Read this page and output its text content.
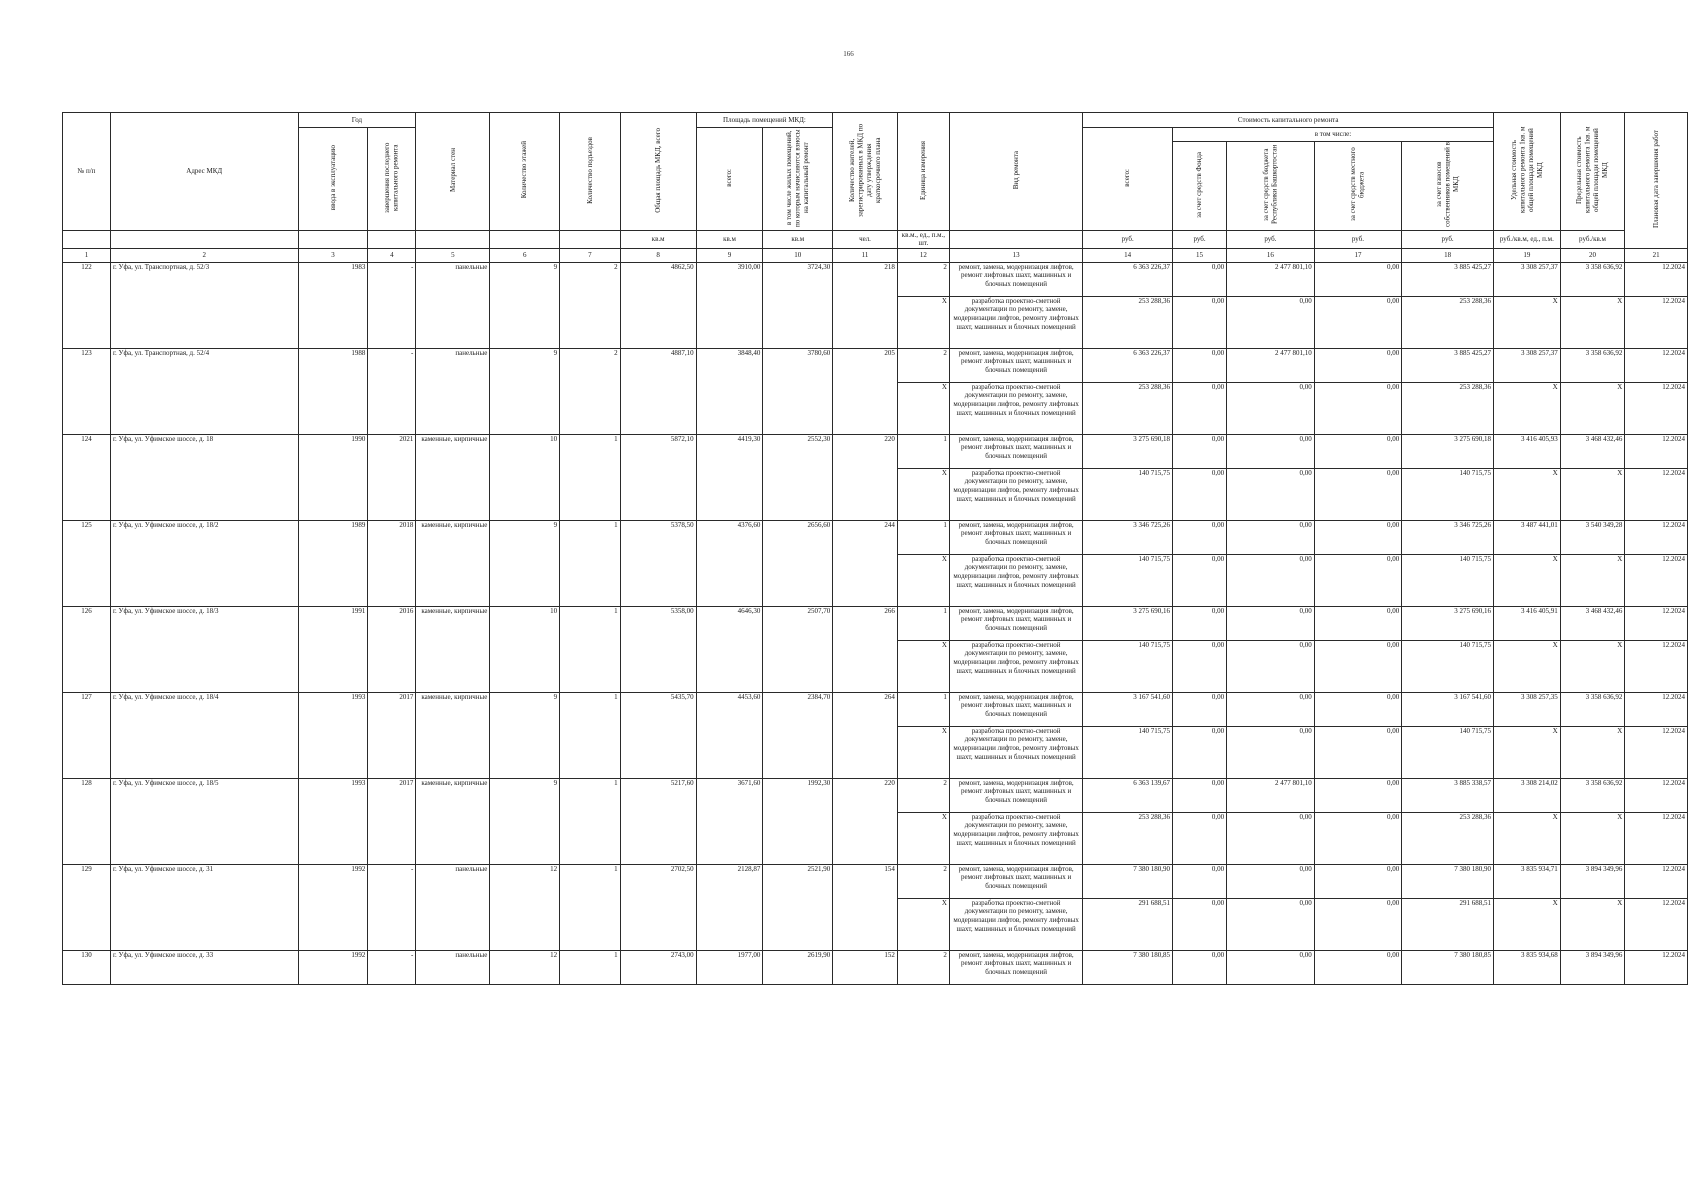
166
№ п/п	Адрес МКД	Год		Материал стен	Количество этажей	Количество подъездов	Общая площадь МКД, всего	Площадь помещений МКД:		Количество жителей, зарегистрированных в МКД по дату утверждения краткосрочного плана	Единица измерения	Вид ремонта	Стоимость капитального ремонта					Удельная стоимость капитального ремонта 1кв. м общей площади помещений МКД	Предельная стоимость капитального ремонта 1кв. м общей площади помещений МКД	Плановая дата завершения работ
		ввода в эксплуатацию	завершения последнего капитального ремонта					всего:	в том числе жилых помещений, по которым начисляются взносы на капитальный ремонт				всего:	в том числе:						
														за счет средств Фонда	за счет средств бюджета Республики Башкортостан	за счет средств местного бюджета	за счет взносов собственников помещений в МКД			
							кв.м	кв.м	кв.м	чел.	кв.м., ед., п.м., шт.		руб.	руб.	руб.	руб.	руб.	руб./кв.м, ед., п.м.	руб./кв.м	
1	2	3	4	5	6	7	8	9	10	11	12	13	14	15	16	17	18	19	20	21
122	г. Уфа, ул. Транспортная, д. 52/3	1983	-	панельные	9	2	4862,50	3910,00	3724,30	218	2	ремонт, замена, модернизация лифтов, ремонт лифтовых шахт, машинных и блочных помещений	6 363 226,37	0,00	2 477 801,10	0,00	3 885 425,27	3 308 257,37	3 358 636,92	12.2024
											X	разработка проектно-сметной документации по ремонту, замене, модернизации лифтов, ремонту лифтовых шахт, машинных и блочных помещений	253 288,36	0,00	0,00	0,00	253 288,36	X	X	12.2024
123	г. Уфа, ул. Транспортная, д. 52/4	1988	-	панельные	9	2	4887,10	3848,40	3780,60	205	2	ремонт, замена, модернизация лифтов, ремонт лифтовых шахт, машинных и блочных помещений	6 363 226,37	0,00	2 477 801,10	0,00	3 885 425,27	3 308 257,37	3 358 636,92	12.2024
											X	разработка проектно-сметной документации по ремонту, замене, модернизации лифтов, ремонту лифтовых шахт, машинных и блочных помещений	253 288,36	0,00	0,00	0,00	253 288,36	X	X	12.2024
124	г. Уфа, ул. Уфимское шоссе, д. 18	1990	2021	каменные, кирпичные	10	1	5872,10	4419,30	2552,30	220	1	ремонт, замена, модернизация лифтов, ремонт лифтовых шахт, машинных и блочных помещений	3 275 690,18	0,00	0,00	0,00	3 275 690,18	3 416 405,93	3 468 432,46	12.2024
											X	разработка проектно-сметной документации по ремонту, замене, модернизации лифтов, ремонту лифтовых шахт, машинных и блочных помещений	140 715,75	0,00	0,00	0,00	140 715,75	X	X	12.2024
125	г. Уфа, ул. Уфимское шоссе, д. 18/2	1989	2018	каменные, кирпичные	9	1	5378,50	4376,60	2656,60	244	1	ремонт, замена, модернизация лифтов, ремонт лифтовых шахт, машинных и блочных помещений	3 346 725,26	0,00	0,00	0,00	3 346 725,26	3 487 441,01	3 540 349,28	12.2024
											X	разработка проектно-сметной документации по ремонту, замене, модернизации лифтов, ремонту лифтовых шахт, машинных и блочных помещений	140 715,75	0,00	0,00	0,00	140 715,75	X	X	12.2024
126	г. Уфа, ул. Уфимское шоссе, д. 18/3	1991	2016	каменные, кирпичные	10	1	5358,00	4646,30	2507,70	266	1	ремонт, замена, модернизация лифтов, ремонт лифтовых шахт, машинных и блочных помещений	3 275 690,16	0,00	0,00	0,00	3 275 690,16	3 416 405,91	3 468 432,46	12.2024
											X	разработка проектно-сметной документации по ремонту, замене, модернизации лифтов, ремонту лифтовых шахт, машинных и блочных помещений	140 715,75	0,00	0,00	0,00	140 715,75	X	X	12.2024
127	г. Уфа, ул. Уфимское шоссе, д. 18/4	1993	2017	каменные, кирпичные	9	1	5435,70	4453,60	2384,70	264	1	ремонт, замена, модернизация лифтов, ремонт лифтовых шахт, машинных и блочных помещений	3 167 541,60	0,00	0,00	0,00	3 167 541,60	3 308 257,35	3 358 636,92	12.2024
											X	разработка проектно-сметной документации по ремонту, замене, модернизации лифтов, ремонту лифтовых шахт, машинных и блочных помещений	140 715,75	0,00	0,00	0,00	140 715,75	X	X	12.2024
128	г. Уфа, ул. Уфимское шоссе, д. 18/5	1993	2017	каменные, кирпичные	9	1	5217,60	3671,60	1992,30	220	2	ремонт, замена, модернизация лифтов, ремонт лифтовых шахт, машинных и блочных помещений	6 363 139,67	0,00	2 477 801,10	0,00	3 885 338,57	3 308 214,02	3 358 636,92	12.2024
											X	разработка проектно-сметной документации по ремонту, замене, модернизации лифтов, ремонту лифтовых шахт, машинных и блочных помещений	253 288,36	0,00	0,00	0,00	253 288,36	X	X	12.2024
129	г. Уфа, ул. Уфимское шоссе, д. 31	1992	-	панельные	12	1	2702,50	2128,87	2521,90	154	2	ремонт, замена, модернизация лифтов, ремонт лифтовых шахт, машинных и блочных помещений	7 380 180,90	0,00	0,00	0,00	7 380 180,90	3 835 934,71	3 894 349,96	12.2024
											X	разработка проектно-сметной документации по ремонту, замене, модернизации лифтов, ремонту лифтовых шахт, машинных и блочных помещений	291 688,51	0,00	0,00	0,00	291 688,51	X	X	12.2024
130	г. Уфа, ул. Уфимское шоссе, д. 33	1992	-	панельные	12	1	2743,00	1977,00	2619,90	152	2	ремонт, замена, модернизация лифтов, ремонт лифтовых шахт, машинных и блочных помещений	7 380 180,85	0,00	0,00	0,00	7 380 180,85	3 835 934,68	3 894 349,96	12.2024
